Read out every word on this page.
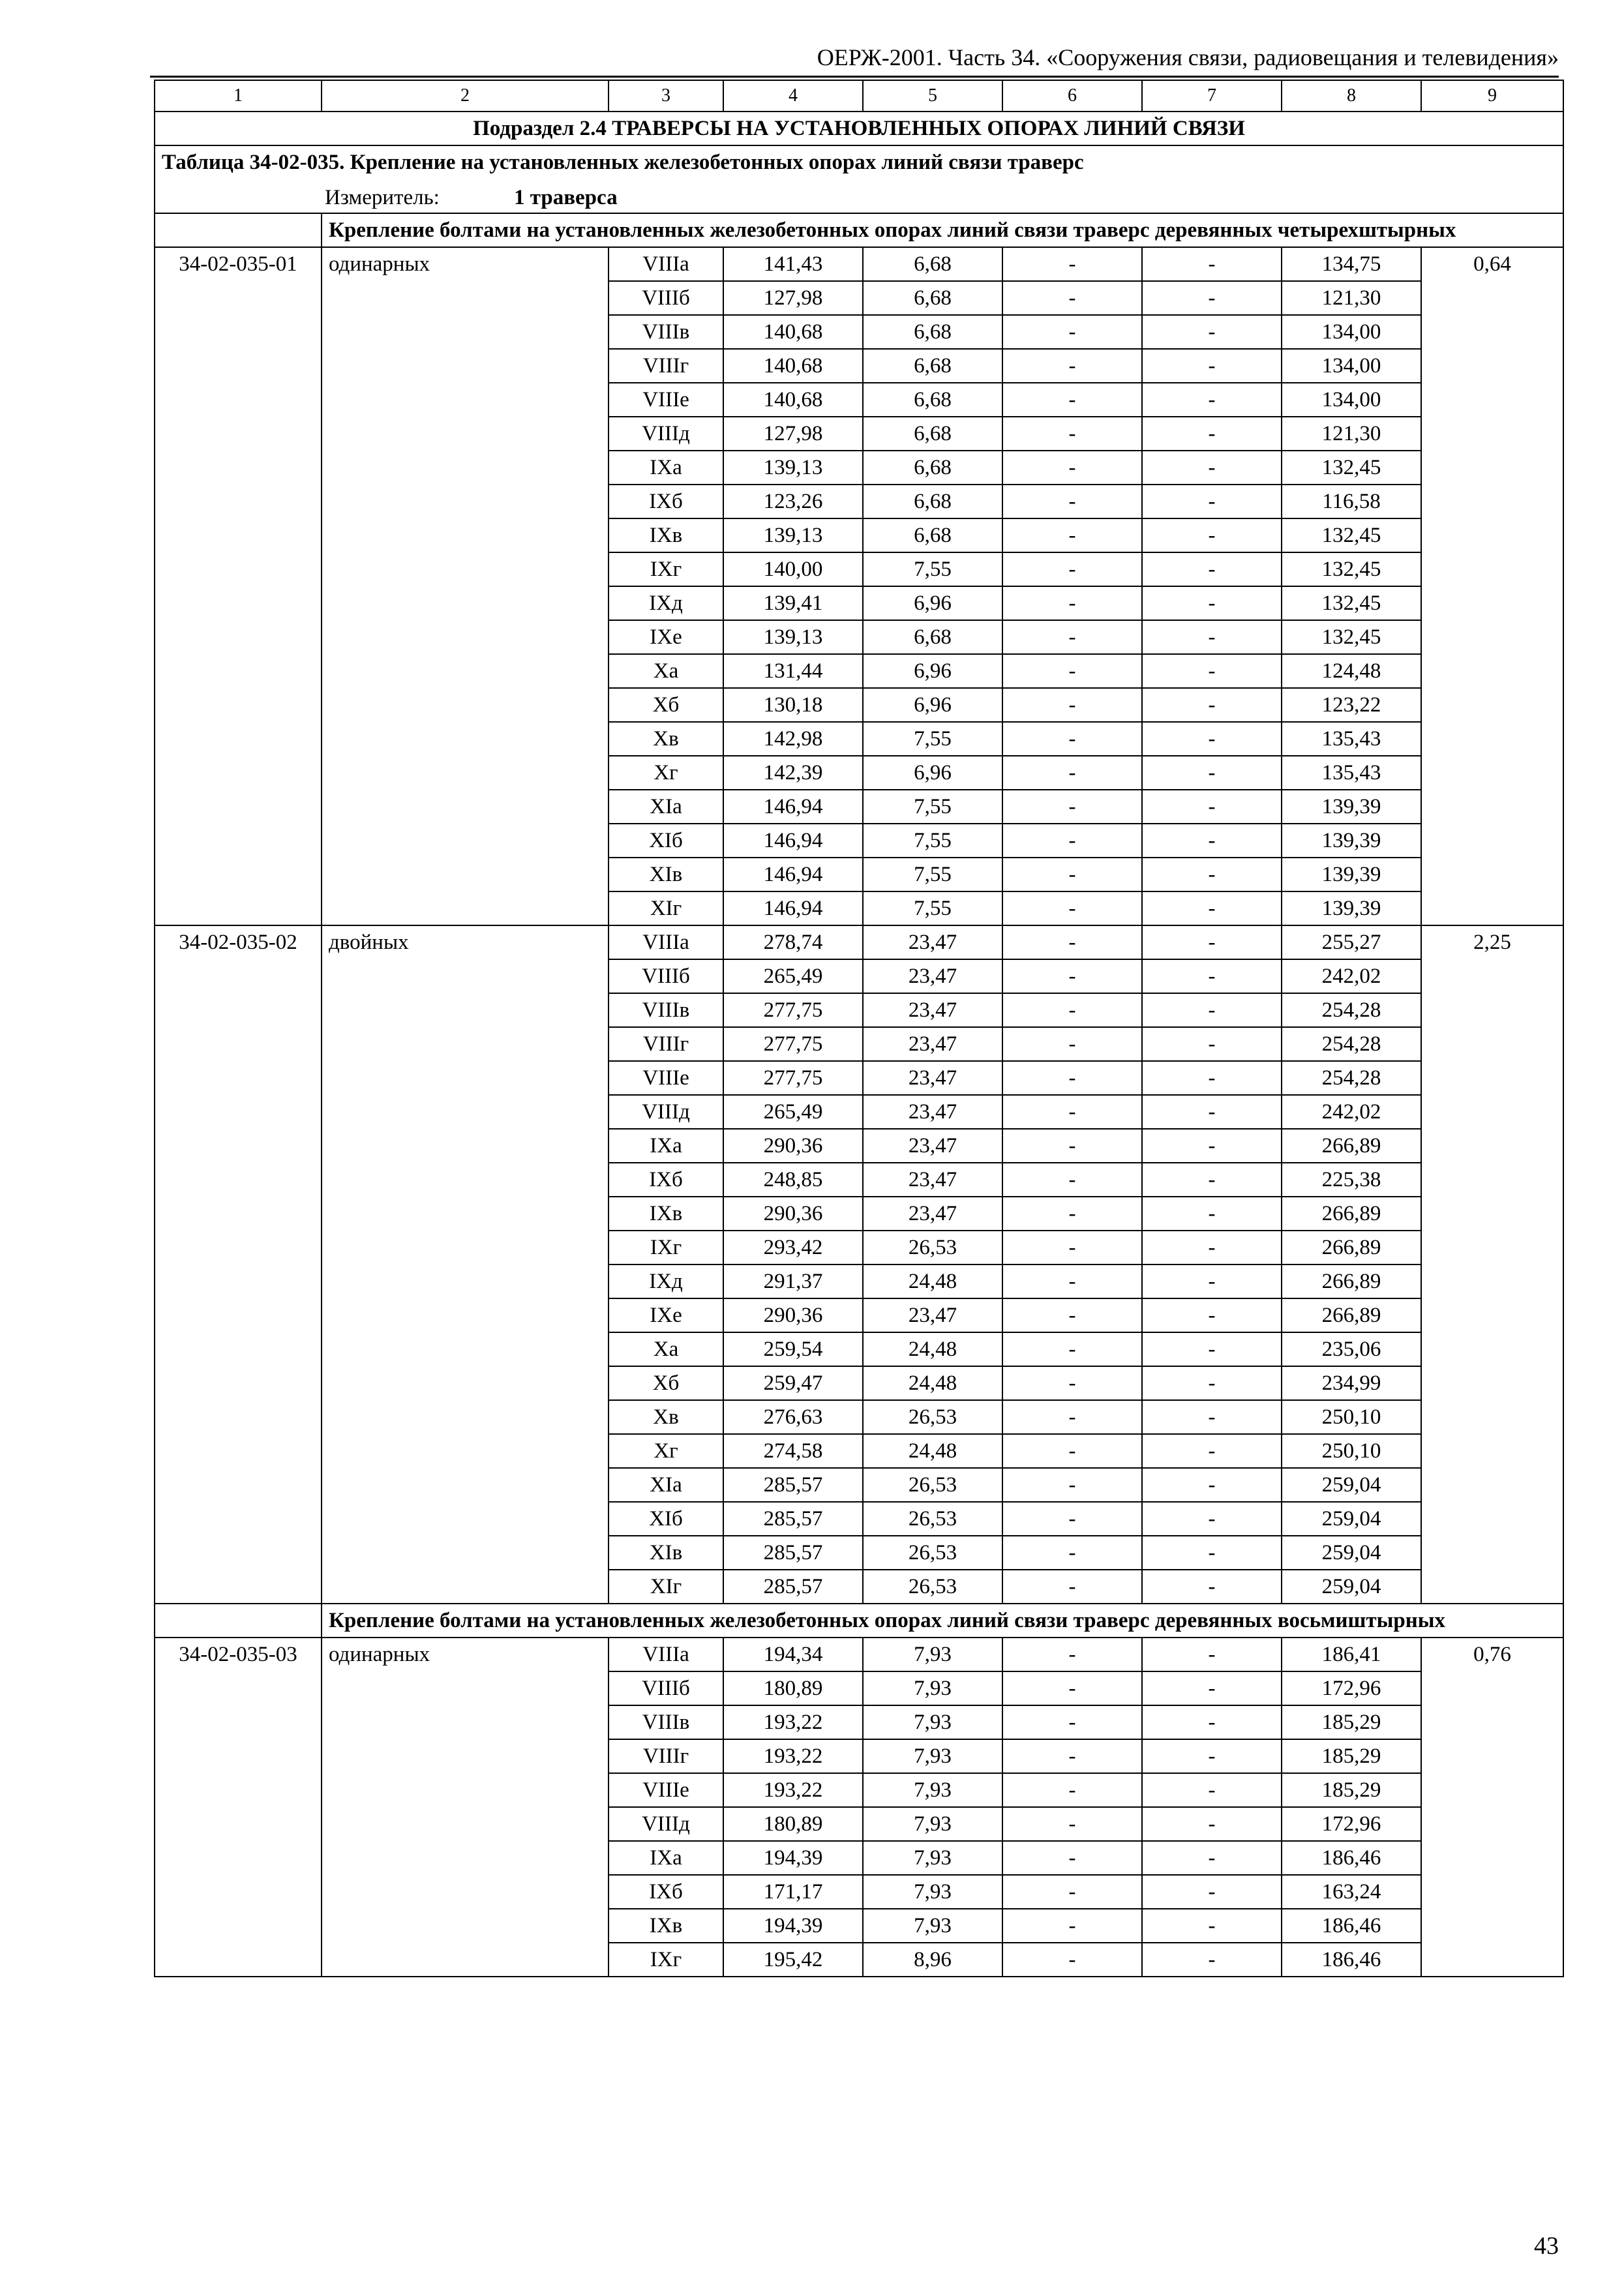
ОЕРЖ-2001. Часть 34. «Сооружения связи, радиовещания и телевидения»
1	2	3	4	5	6	7	8	9
Подраздел 2.4 ТРАВЕРСЫ НА УСТАНОВЛЕННЫХ ОПОРАХ ЛИНИЙ СВЯЗИ								

Таблица 34-02-035. Крепление на установленных железобетонных опорах линий связи траверс
Измеритель: 1 траверса								

	Крепление болтами на установленных железобетонных опорах линий связи траверс деревянных четырехштырных							
34-02-035-01	одинарных	VIIIа	141,43	6,68	-	-	134,75	0,64
		VIIIб	127,98	6,68	-	-	121,30	
		VIIIв	140,68	6,68	-	-	134,00	
		VIIIг	140,68	6,68	-	-	134,00	
		VIIIе	140,68	6,68	-	-	134,00	
		VIIIд	127,98	6,68	-	-	121,30	
		IXа	139,13	6,68	-	-	132,45	
		IXб	123,26	6,68	-	-	116,58	
		IXв	139,13	6,68	-	-	132,45	
		IXг	140,00	7,55	-	-	132,45	
		IXд	139,41	6,96	-	-	132,45	
		IXе	139,13	6,68	-	-	132,45	
		Xа	131,44	6,96	-	-	124,48	
		Xб	130,18	6,96	-	-	123,22	
		Xв	142,98	7,55	-	-	135,43	
		Xг	142,39	6,96	-	-	135,43	
		XIа	146,94	7,55	-	-	139,39	
		XIб	146,94	7,55	-	-	139,39	
		XIв	146,94	7,55	-	-	139,39	
		XIг	146,94	7,55	-	-	139,39	
34-02-035-02	двойных	VIIIа	278,74	23,47	-	-	255,27	2,25
		VIIIб	265,49	23,47	-	-	242,02	
		VIIIв	277,75	23,47	-	-	254,28	
		VIIIг	277,75	23,47	-	-	254,28	
		VIIIе	277,75	23,47	-	-	254,28	
		VIIIд	265,49	23,47	-	-	242,02	
		IXа	290,36	23,47	-	-	266,89	
		IXб	248,85	23,47	-	-	225,38	
		IXв	290,36	23,47	-	-	266,89	
		IXг	293,42	26,53	-	-	266,89	
		IXд	291,37	24,48	-	-	266,89	
		IXе	290,36	23,47	-	-	266,89	
		Xа	259,54	24,48	-	-	235,06	
		Xб	259,47	24,48	-	-	234,99	
		Xв	276,63	26,53	-	-	250,10	
		Xг	274,58	24,48	-	-	250,10	
		XIа	285,57	26,53	-	-	259,04	
		XIб	285,57	26,53	-	-	259,04	
		XIв	285,57	26,53	-	-	259,04	
		XIг	285,57	26,53	-	-	259,04	
	Крепление болтами на установленных железобетонных опорах линий связи траверс деревянных восьмиштырных							
34-02-035-03	одинарных	VIIIа	194,34	7,93	-	-	186,41	0,76
		VIIIб	180,89	7,93	-	-	172,96	
		VIIIв	193,22	7,93	-	-	185,29	
		VIIIг	193,22	7,93	-	-	185,29	
		VIIIе	193,22	7,93	-	-	185,29	
		VIIIд	180,89	7,93	-	-	172,96	
		IXа	194,39	7,93	-	-	186,46	
		IXб	171,17	7,93	-	-	163,24	
		IXв	194,39	7,93	-	-	186,46	
		IXг	195,42	8,96	-	-	186,46	
43
